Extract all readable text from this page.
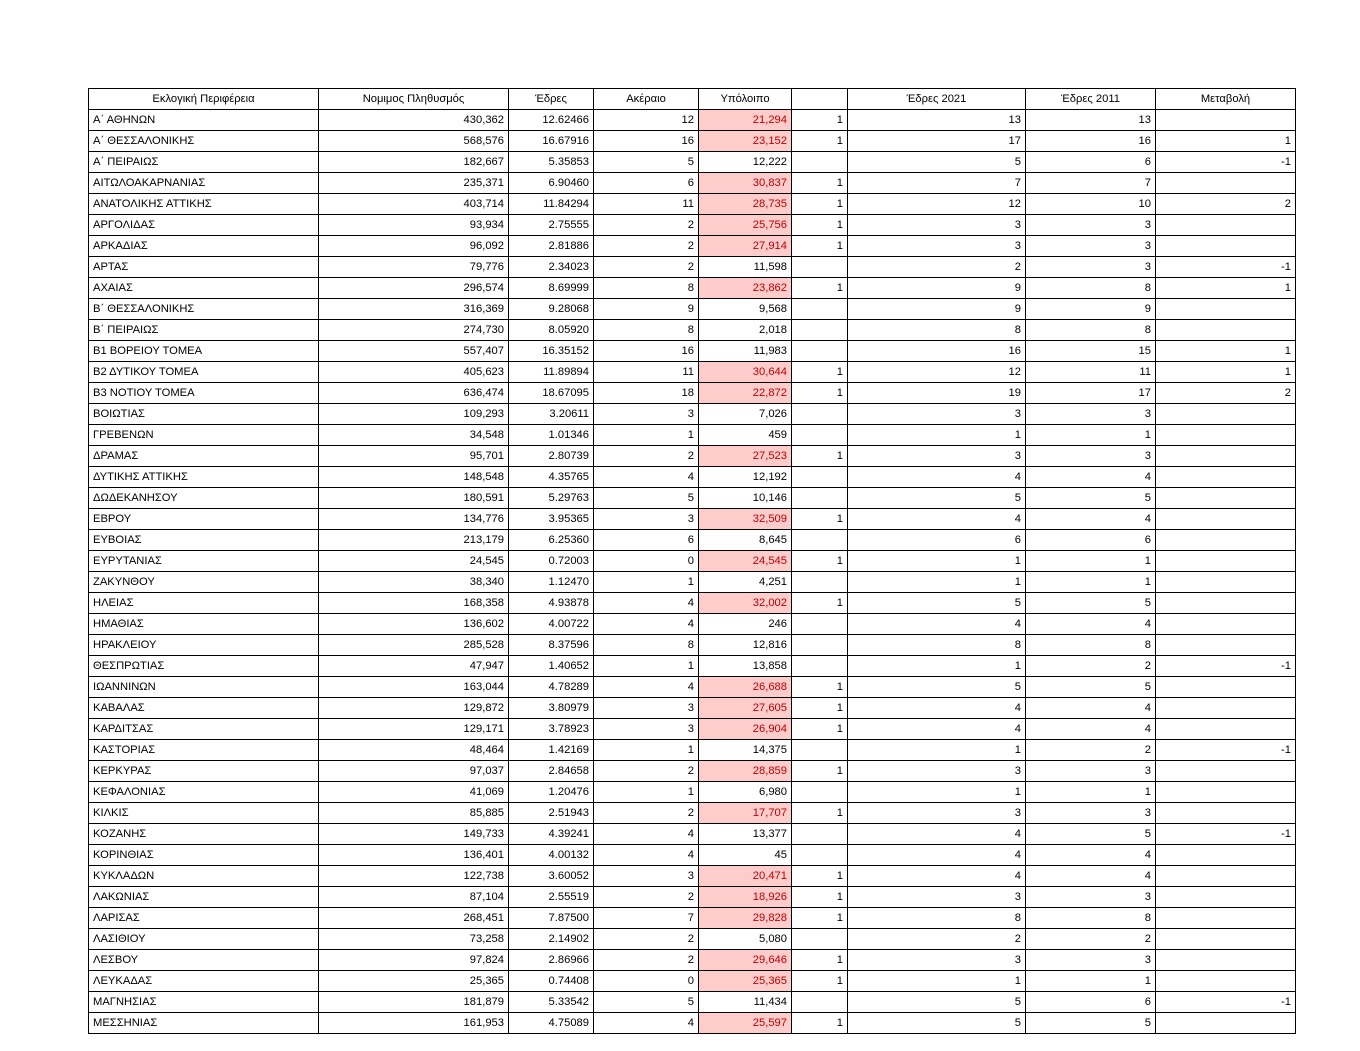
Εκλογική Περιφέρεια	Νομιμος Πληθυσμός	Έδρες	Ακέραιο	Υπόλοιπο		Έδρες 2021	Έδρες 2011	Μεταβολή
Α΄ ΑΘΗΝΩΝ	430,362	12.62466	12	21,294	1	13	13	
Α΄ ΘΕΣΣΑΛΟΝΙΚΗΣ	568,576	16.67916	16	23,152	1	17	16	1
Α΄ ΠΕΙΡΑΙΩΣ	182,667	5.35853	5	12,222		5	6	-1
ΑΙΤΩΛΟΑΚΑΡΝΑΝΙΑΣ	235,371	6.90460	6	30,837	1	7	7	
ΑΝΑΤΟΛΙΚΗΣ ΑΤΤΙΚΗΣ	403,714	11.84294	11	28,735	1	12	10	2
ΑΡΓΟΛΙΔΑΣ	93,934	2.75555	2	25,756	1	3	3	
ΑΡΚΑΔΙΑΣ	96,092	2.81886	2	27,914	1	3	3	
ΑΡΤΑΣ	79,776	2.34023	2	11,598		2	3	-1
ΑΧΑΙΑΣ	296,574	8.69999	8	23,862	1	9	8	1
Β΄ ΘΕΣΣΑΛΟΝΙΚΗΣ	316,369	9.28068	9	9,568		9	9	
Β΄ ΠΕΙΡΑΙΩΣ	274,730	8.05920	8	2,018		8	8	
Β1 ΒΟΡΕΙΟΥ ΤΟΜΕΑ	557,407	16.35152	16	11,983		16	15	1
Β2 ΔΥΤΙΚΟΥ ΤΟΜΕΑ	405,623	11.89894	11	30,644	1	12	11	1
Β3 ΝΟΤΙΟΥ ΤΟΜΕΑ	636,474	18.67095	18	22,872	1	19	17	2
ΒΟΙΩΤΙΑΣ	109,293	3.20611	3	7,026		3	3	
ΓΡΕΒΕΝΩΝ	34,548	1.01346	1	459		1	1	
ΔΡΑΜΑΣ	95,701	2.80739	2	27,523	1	3	3	
ΔΥΤΙΚΗΣ ΑΤΤΙΚΗΣ	148,548	4.35765	4	12,192		4	4	
ΔΩΔΕΚΑΝΗΣΟΥ	180,591	5.29763	5	10,146		5	5	
ΕΒΡΟΥ	134,776	3.95365	3	32,509	1	4	4	
ΕΥΒΟΙΑΣ	213,179	6.25360	6	8,645		6	6	
ΕΥΡΥΤΑΝΙΑΣ	24,545	0.72003	0	24,545	1	1	1	
ΖΑΚΥΝΘΟΥ	38,340	1.12470	1	4,251		1	1	
ΗΛΕΙΑΣ	168,358	4.93878	4	32,002	1	5	5	
ΗΜΑΘΙΑΣ	136,602	4.00722	4	246		4	4	
ΗΡΑΚΛΕΙΟΥ	285,528	8.37596	8	12,816		8	8	
ΘΕΣΠΡΩΤΙΑΣ	47,947	1.40652	1	13,858		1	2	-1
ΙΩΑΝΝΙΝΩΝ	163,044	4.78289	4	26,688	1	5	5	
ΚΑΒΑΛΑΣ	129,872	3.80979	3	27,605	1	4	4	
ΚΑΡΔΙΤΣΑΣ	129,171	3.78923	3	26,904	1	4	4	
ΚΑΣΤΟΡΙΑΣ	48,464	1.42169	1	14,375		1	2	-1
ΚΕΡΚΥΡΑΣ	97,037	2.84658	2	28,859	1	3	3	
ΚΕΦΑΛΟΝΙΑΣ	41,069	1.20476	1	6,980		1	1	
ΚΙΛΚΙΣ	85,885	2.51943	2	17,707	1	3	3	
ΚΟΖΑΝΗΣ	149,733	4.39241	4	13,377		4	5	-1
ΚΟΡΙΝΘΙΑΣ	136,401	4.00132	4	45		4	4	
ΚΥΚΛΑΔΩΝ	122,738	3.60052	3	20,471	1	4	4	
ΛΑΚΩΝΙΑΣ	87,104	2.55519	2	18,926	1	3	3	
ΛΑΡΙΣΑΣ	268,451	7.87500	7	29,828	1	8	8	
ΛΑΣΙΘΙΟΥ	73,258	2.14902	2	5,080		2	2	
ΛΕΣΒΟΥ	97,824	2.86966	2	29,646	1	3	3	
ΛΕΥΚΑΔΑΣ	25,365	0.74408	0	25,365	1	1	1	
ΜΑΓΝΗΣΙΑΣ	181,879	5.33542	5	11,434		5	6	-1
ΜΕΣΣΗΝΙΑΣ	161,953	4.75089	4	25,597	1	5	5	
